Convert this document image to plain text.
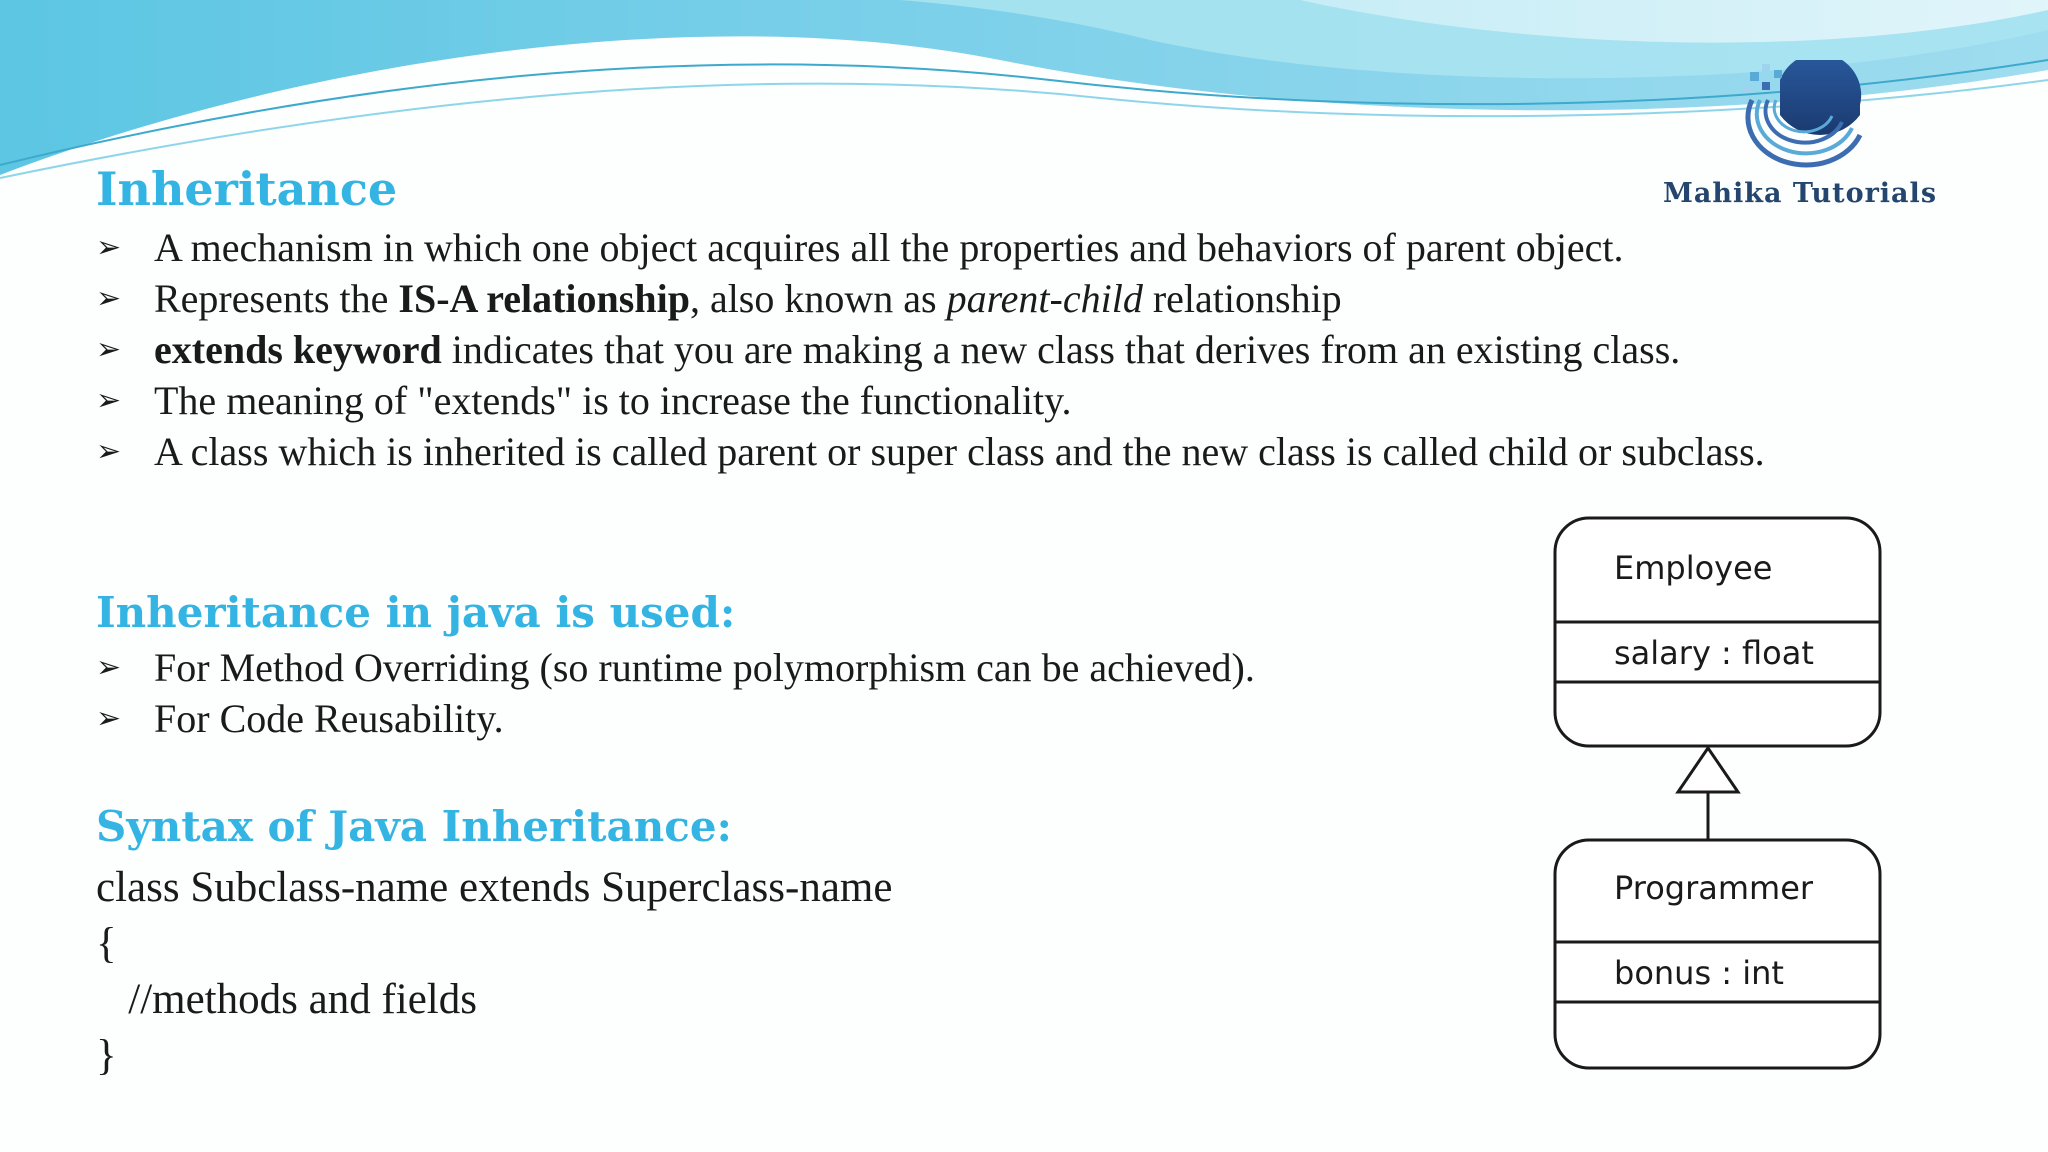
Mahika Tutorials
Inheritance
➢ A mechanism in which one object acquires all the properties and behaviors of parent object.
➢ Represents the IS-A relationship, also known as parent-child relationship
➢ extends keyword indicates that you are making a new class that derives from an existing class.
➢ The meaning of "extends" is to increase the functionality.
➢ A class which is inherited is called parent or super class and the new class is called child or subclass.
Inheritance in java is used:
➢ For Method Overriding (so runtime polymorphism can be achieved).
➢ For Code Reusability.
Syntax of Java Inheritance:
class Subclass-name extends Superclass-name
{
//methods and fields
}
Employee
salary : float
Programmer
bonus : int
